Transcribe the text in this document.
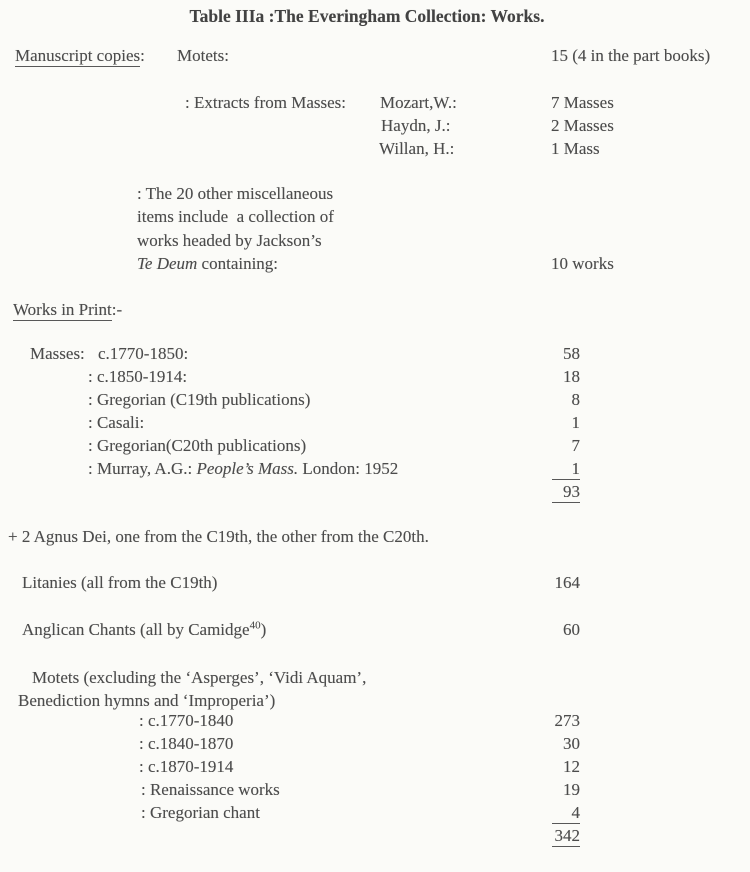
Table IIIa :The Everingham Collection: Works.
Manuscript copies: Motets:	15 (4 in the part books)
: Extracts from Masses: Mozart,W.:	7 Masses
Haydn, J.:	2 Masses
Willan, H.:	1 Mass
: The 20 other miscellaneous
items include  a collection of
works headed by Jackson’s
Te Deum containing:	10 works
Works in Print:-
Masses: c.1770-1850:	58
: c.1850-1914:	18
: Gregorian (C19th publications)	8
: Casali:	1
: Gregorian(C20th publications)	7
: Murray, A.G.: People’s Mass. London: 1952	1
93
+ 2 Agnus Dei, one from the C19th, the other from the C20th.
Litanies (all from the C19th)	164
Anglican Chants (all by Camidge$^{40}$)	60
Motets (excluding the ‘Asperges’, ‘Vidi Aquam’,
Benediction hymns and ‘Improperia’)
: c.1770-1840	273
: c.1840-1870	30
: c.1870-1914	12
: Renaissance works	19
: Gregorian chant	4
342
